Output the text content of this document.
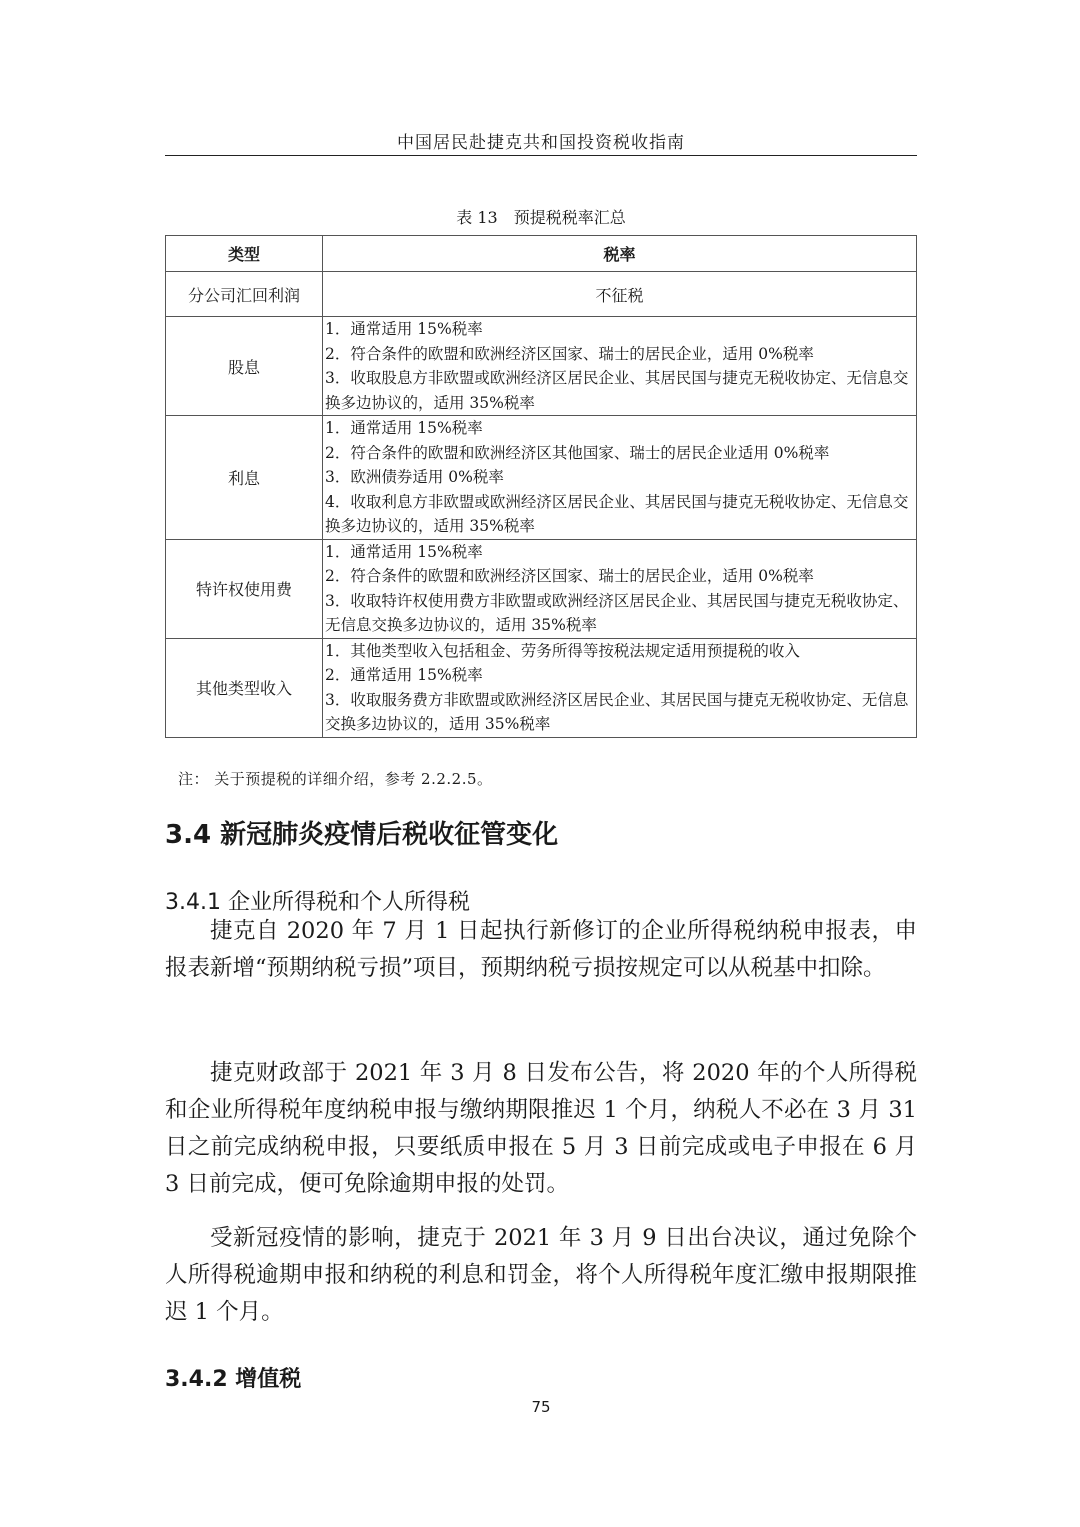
中国居民赴捷克共和国投资税收指南
表 13　预提税税率汇总
类型	税率
分公司汇回利润	不征税
股息	1．通常适用 15%税率
2．符合条件的欧盟和欧洲经济区国家、瑞士的居民企业，适用 0%税率
3．收取股息方非欧盟或欧洲经济区居民企业、其居民国与捷克无税收协定、无信息交换多边协议的，适用 35%税率

利息	1．通常适用 15%税率
2．符合条件的欧盟和欧洲经济区其他国家、瑞士的居民企业适用 0%税率
3．欧洲债券适用 0%税率
4．收取利息方非欧盟或欧洲经济区居民企业、其居民国与捷克无税收协定、无信息交换多边协议的，适用 35%税率

特许权使用费	1．通常适用 15%税率
2．符合条件的欧盟和欧洲经济区国家、瑞士的居民企业，适用 0%税率
3．收取特许权使用费方非欧盟或欧洲经济区居民企业、其居民国与捷克无税收协定、无信息交换多边协议的，适用 35%税率

其他类型收入	1．其他类型收入包括租金、劳务所得等按税法规定适用预提税的收入
2．通常适用 15%税率
3．收取服务费方非欧盟或欧洲经济区居民企业、其居民国与捷克无税收协定、无信息交换多边协议的，适用 35%税率
注： 关于预提税的详细介绍，参考 2.2.2.5。
3.4 新冠肺炎疫情后税收征管变化
3.4.1 企业所得税和个人所得税

捷克自 2020 年 7 月 1 日起执行新修订的企业所得税纳税申报表，申报表新增“预期纳税亏损”项目，预期纳税亏损按规定可以从税基中扣除。

捷克财政部于 2021 年 3 月 8 日发布公告，将 2020 年的个人所得税和企业所得税年度纳税申报与缴纳期限推迟 1 个月，纳税人不必在 3 月 31 日之前完成纳税申报，只要纸质申报在 5 月 3 日前完成或电子申报在 6 月 3 日前完成，便可免除逾期申报的处罚。

受新冠疫情的影响，捷克于 2021 年 3 月 9 日出台决议，通过免除个人所得税逾期申报和纳税的利息和罚金，将个人所得税年度汇缴申报期限推迟 1 个月。

3.4.2 增值税
75
